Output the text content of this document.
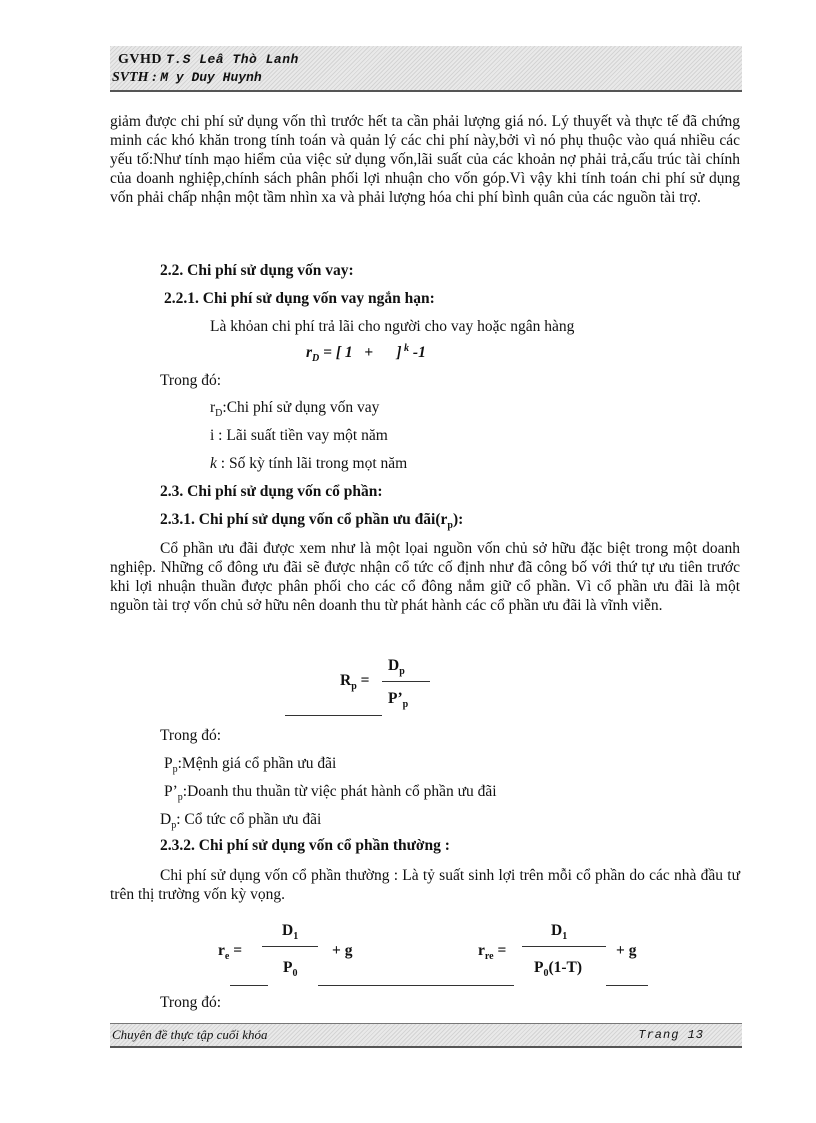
GVHD T.S Leâ Thò Lanh
SVTH : M y Duy Huynh
giảm được chi phí sử dụng vốn thì trước hết ta cần phải lượng giá nó. Lý thuyết và thực tế đã chứng minh các khó khăn trong tính toán và quản lý các chi phí này,bởi vì nó phụ thuộc vào quá nhiều các yếu tố:Như tính mạo hiểm của việc sử dụng vốn,lãi suất của các khoản nợ phải trả,cấu trúc tài chính của doanh nghiệp,chính sách phân phối lợi nhuận cho vốn góp.Vì vậy khi tính toán chi phí sử dụng vốn phải chấp nhận một tầm nhìn xa và phải lượng hóa chi phí bình quân của các nguồn tài trợ.
2.2. Chi phí sử dụng vốn vay:
2.2.1. Chi phí sử dụng vốn vay ngắn hạn:
Là khỏan chi phí trả lãi cho người cho vay hoặc ngân hàng
$r_D$ = [ 1   +      ] $^k$ -1
Trong đó:
$r_D:Chi$ phí sử dụng vốn vay
i : Lãi suất tiền vay một năm
k : Số kỳ tính lãi trong mọt năm
2.3. Chi phí sử dụng vốn cổ phần:
2.3.1. Chi phí sử dụng vốn cổ phần ưu $đãi(r_p)$:
Cổ phần ưu đãi được xem như là một lọai nguồn vốn chủ sở hữu đặc biệt trong một doanh nghiệp. Những cổ đông ưu đãi sẽ được nhận cổ tức cố định như đã công bố với thứ tự ưu tiên trước khi lợi nhuận thuần được phân phối cho các cổ đông nắm giữ cổ phần. Vì cổ phần ưu đãi là một nguồn tài trợ vốn chủ sở hữu nên doanh thu từ phát hành các cổ phần ưu đãi là vĩnh viễn.
$D_p$
$R_p$ =
$P’_p$
Trong đó:
$P_p:Mệnh$ giá cổ phần ưu đãi
$P’_p:Doanh$ thu thuần từ việc phát hành cổ phần ưu đãi
$D_p$: Cổ tức cổ phần ưu đãi
2.3.2. Chi phí sử dụng vốn cổ phần thường :
Chi phí sử dụng vốn cổ phần thường : Là tỷ suất sinh lợi trên mỗi cổ phần do các nhà đầu tư trên thị trường vốn kỳ vọng.
$D_1$
$r_e$ =	+ g
$P_0$
$D_1$
$r_{re}$ =	+ g
$P_0(1-T)$
Trong đó:
Chuyên đề thực tập cuối khóa	Trang 13
